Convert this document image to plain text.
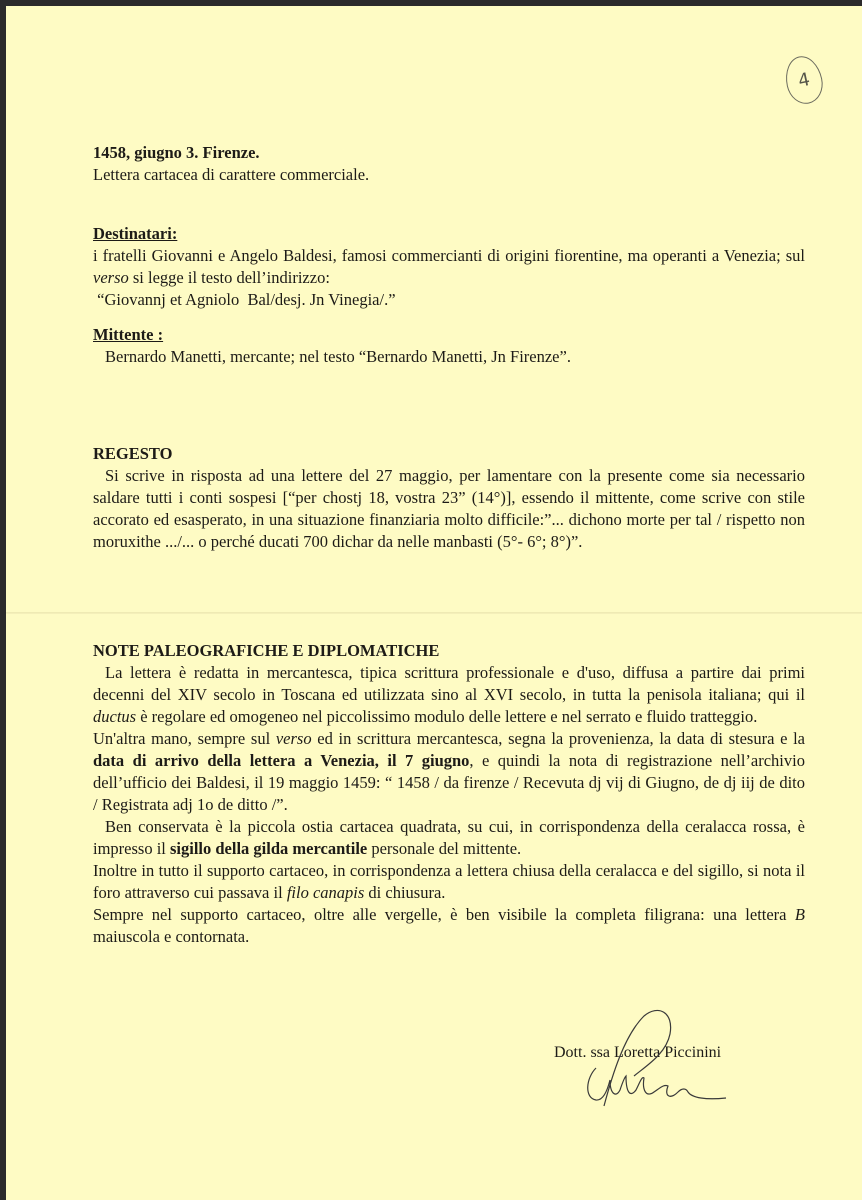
4

1458, giugno 3. Firenze.

Lettera cartacea di carattere commerciale.

Destinatari:

i fratelli Giovanni e Angelo Baldesi, famosi commercianti di origini fiorentine, ma operanti a Venezia; sul verso si legge il testo dell’indirizzo:

“Giovannj et Agniolo  Bal/desj. Jn Vinegia/.”

Mittente :

Bernardo Manetti, mercante; nel testo “Bernardo Manetti, Jn Firenze”.

REGESTO

Si scrive in risposta ad una lettere del 27 maggio, per lamentare con la presente come sia necessario saldare tutti i conti sospesi [“per chostj 18, vostra 23” (14°)], essendo il mittente, come scrive con stile accorato ed esasperato, in una situazione finanziaria molto difficile:”... dichono morte per tal / rispetto non moruxithe .../... o perché ducati 700 dichar da nelle manbasti (5°- 6°; 8°)”.

NOTE PALEOGRAFICHE E DIPLOMATICHE

La lettera è redatta in mercantesca, tipica scrittura professionale e d'uso, diffusa a partire dai primi decenni del XIV secolo in Toscana ed utilizzata sino al XVI secolo, in tutta la penisola italiana; qui il ductus è regolare ed omogeneo nel piccolissimo modulo delle lettere e nel serrato e fluido tratteggio.

Un'altra mano, sempre sul verso ed in scrittura mercantesca, segna la provenienza, la data di stesura e la data di arrivo della lettera a Venezia, il 7 giugno, e quindi la nota di registrazione nell’archivio dell’ufficio dei Baldesi, il 19 maggio 1459: “ 1458 / da firenze / Recevuta dj vij di Giugno, de dj iij de dito / Registrata adj 1o de ditto /”.

Ben conservata è la piccola ostia cartacea quadrata, su cui, in corrispondenza della ceralacca rossa, è impresso il sigillo della gilda mercantile personale del mittente.

Inoltre in tutto il supporto cartaceo, in corrispondenza a lettera chiusa della ceralacca e del sigillo, si nota il foro attraverso cui passava il filo canapis di chiusura.

Sempre nel supporto cartaceo, oltre alle vergelle, è ben visibile la completa filigrana: una lettera B maiuscola e contornata.

Dott. ssa Loretta Piccinini
